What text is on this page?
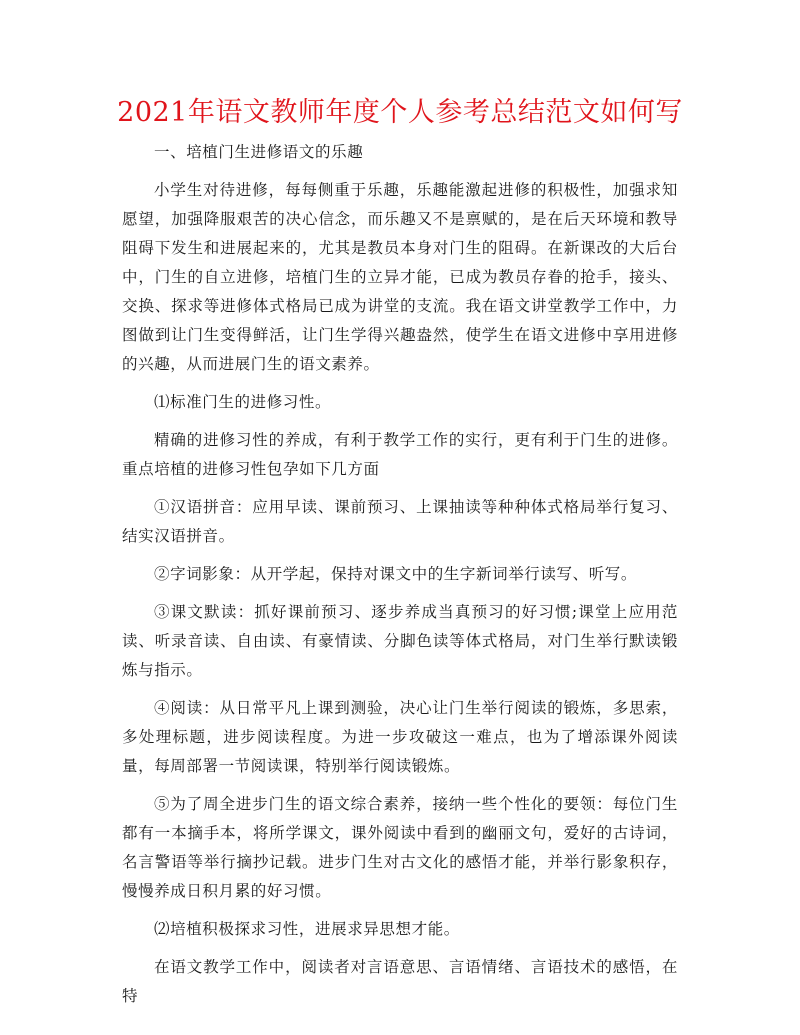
2021年语文教师年度个人参考总结范文如何写

一、培植门生进修语文的乐趣

小学生对待进修，每每侧重于乐趣，乐趣能激起进修的积极性，加强求知愿望，加强降服艰苦的决心信念，而乐趣又不是禀赋的，是在后天环境和教导阻碍下发生和进展起来的，尤其是教员本身对门生的阻碍。在新课改的大后台中，门生的自立进修，培植门生的立异才能，已成为教员存眷的抢手，接头、交换、探求等进修体式格局已成为讲堂的支流。我在语文讲堂教学工作中，力图做到让门生变得鲜活，让门生学得兴趣盎然，使学生在语文进修中享用进修的兴趣，从而进展门生的语文素养。

⑴标准门生的进修习性。

精确的进修习性的养成，有利于教学工作的实行，更有利于门生的进修。重点培植的进修习性包孕如下几方面

①汉语拼音：应用早读、课前预习、上课抽读等种种体式格局举行复习、结实汉语拼音。

②字词影象：从开学起，保持对课文中的生字新词举行读写、听写。

③课文默读：抓好课前预习、逐步养成当真预习的好习惯;课堂上应用范读、听录音读、自由读、有豪情读、分脚色读等体式格局，对门生举行默读锻炼与指示。

④阅读：从日常平凡上课到测验，决心让门生举行阅读的锻炼，多思索，多处理标题，进步阅读程度。为进一步攻破这一难点，也为了增添课外阅读量，每周部署一节阅读课，特别举行阅读锻炼。

⑤为了周全进步门生的语文综合素养，接纳一些个性化的要领：每位门生都有一本摘手本，将所学课文，课外阅读中看到的幽丽文句，爱好的古诗词，名言警语等举行摘抄记载。进步门生对古文化的感悟才能，并举行影象积存，慢慢养成日积月累的好习惯。

⑵培植积极探求习性，进展求异思想才能。

在语文教学工作中，阅读者对言语意思、言语情绪、言语技术的感悟，在特
